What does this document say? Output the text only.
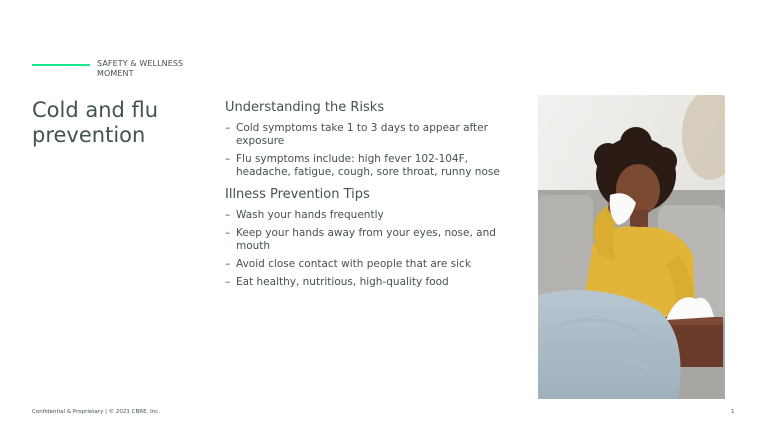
SAFETY & WELLNESS MOMENT
Cold and flu prevention
Understanding the Risks
– Cold symptoms take 1 to 3 days to appear after exposure
– Flu symptoms include: high fever 102-104F, headache, fatigue, cough, sore throat, runny nose
Illness Prevention Tips
– Wash your hands frequently
– Keep your hands away from your eyes, nose, and mouth
– Avoid close contact with people that are sick
– Eat healthy, nutritious, high-quality food
Confidential & Proprietary | © 2021 CBRE, Inc.	1
